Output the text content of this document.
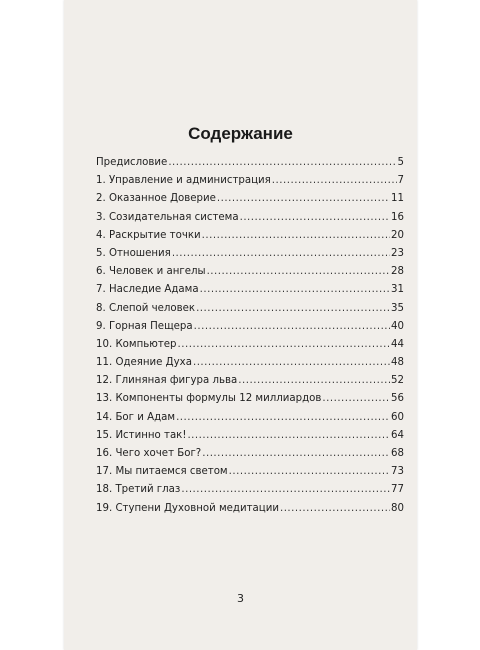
Содержание
Предисловие .....	5
1. Управление и администрация .....	7
2. Оказанное Доверие .....	11
3. Созидательная система .....	16
4. Раскрытие точки .....	20
5. Отношения .....	23
6. Человек и ангелы .....	28
7. Наследие Адама .....	31
8. Слепой человек .....	35
9. Горная Пещера .....	40
10. Компьютер .....	44
11. Одеяние Духа .....	48
12. Глиняная фигура льва .....	52
13. Компоненты формулы 12 миллиардов .....	56
14. Бог и Адам .....	60
15. Истинно так! .....	64
16. Чего хочет Бог? .....	68
17. Мы питаемся светом .....	73
18. Третий глаз .....	77
19. Ступени Духовной медитации .....	80
3
